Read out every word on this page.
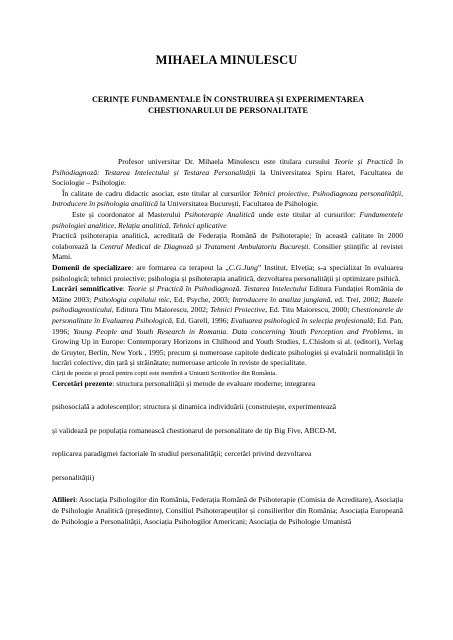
MIHAELA MINULESCU
CERINȚE FUNDAMENTALE ÎN CONSTRUIREA ȘI EXPERIMENTAREA
CHESTIONARULUI DE PERSONALITATE

Profesor universitar Dr. Mihaela Minulescu este titulara cursului Teorie și Practică în Psihodiagnoză: Testarea Intelectului și Testarea Personalității la Universitatea Spiru Haret, Facultatea de Sociologie – Psihologie.

În calitate de cadru didactic asociat, este titular al cursurilor Tehnici proiective, Psihodiagnoza personalității, Introducere în psihologia analitică la Universitatea București, Facultatea de Psihologie.

Este și coordonator al Masterului Psihoterapie Analitică unde este titular al cursurilor: Fundamentele psihologiei analitice, Relația analitică, Tehnici aplicative

Practică psihoterapia analitică, acreditată de Federația Română de Psihoterapie; în această calitate în 2000 colaborează la Centrul Medical de Diagnoză și Tratament Ambulatoriu București. Consilier științific al revistei Mami.

Domenii de specializare: are formarea ca terapeut la „C.G.Jung” Institut, Elveția; s-a specializat în evaluarea psihologică; tehnici proiective; psihologia și psihoterapia analitică, dezvoltarea personalității și optimizare psihică.

Lucrări semnificative: Teorie și Practică în Psihodiagnoză. Testarea Intelectului Editura Fundației România de Mâine 2003; Psihologia copilului mic, Ed. Psyche, 2003; Introducere în analiza jungiană, ed. Trei, 2002; Bazele psihodiagnosticului, Editura Titu Maiorescu, 2002; Tehnici Proiective, Ed. Titu Maiorescu, 2000; Chestionarele de personalitate în Evaluarea Psihologică, Ed. Garell, 1996; Evaluarea psihologică în selecția profesională; Ed. Pan, 1996; Young People and Youth Research in Romania. Data concerning Youth Perception and Problems, in Growing Up in Europe: Contemporary Horizons in Chilhood and Youth Studies, L.Chislom si al. (editori), Verlag de Gruyter, Berlin, New York , 1995; precum și numeroase capitole dedicate psihologiei și evaluării normalității în lucrări colective, din țară și străinătate; numeroase articole în reviste de specialitate.

Cărți de poezie și proză pentru copii este membră a Uniunii Scriitorilor din România.

Cercetări prezente: structura personalității și metode de evaluare moderne; integrarea

psihosocială a adolescenților; structura și dinamica individuării (construiește, experimentează

și validează pe populația romanească chestionarul de personalitate de tip Big Five, ABCD-M,

replicarea paradigmei factoriale în studiul personalității; cercetări privind dezvoltarea

personalității)

Afilieri: Asociația Psihologilor din România, Federația Română de Psihoterapie (Comisia de Acreditare), Asociația de Psihologie Analitică (președinte), Consiliul Psihoterapeuților și consilierilor din România; Asociația Europeană de Psihologie a Personalității, Asociația Psihologilor Americani; Asociația de Psihologie Umanistă
